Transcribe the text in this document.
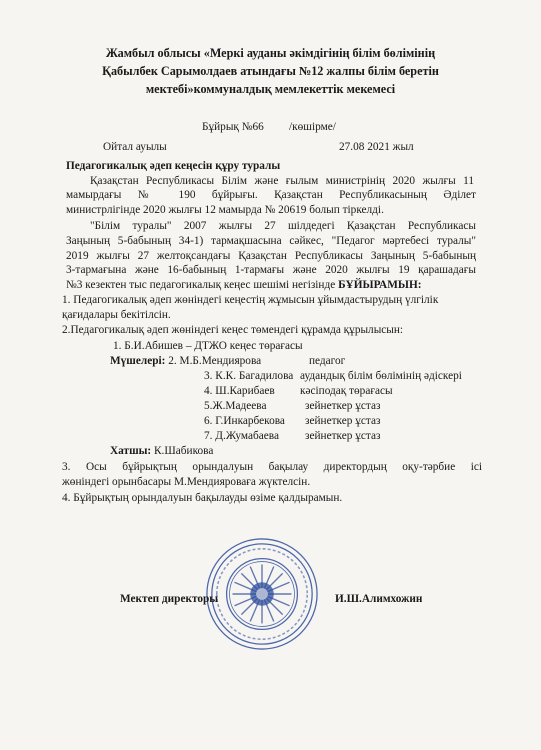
Жамбыл облысы «Меркі ауданы әкімдігінің білім бөлімінің
Қабылбек Сарымолдаев атындағы №12 жалпы білім беретін
мектебі»коммуналдық мемлекеттік мекемесі
Бұйрық №66 /көшірме/
Ойтал ауылы	27.08 2021 жыл
Педагогикалық әдеп кеңесін құру туралы
Қазақстан Республикасы Білім және ғылым министрінің 2020 жылғы 11
мамырдағы № 190 бұйрығы. Қазақстан Республикасының Әділет
министрлігінде 2020 жылғы 12 мамырда № 20619 болып тіркелді.
"Білім туралы" 2007 жылғы 27 шілдедегі Қазақстан Республикасы
Заңының 5-бабының 34-1) тармақшасына сәйкес, "Педагог мәртебесі туралы"
2019 жылғы 27 желтоқсандағы Қазақстан Республикасы Заңының 5-бабының
3-тармағына және 16-бабының 1-тармағы және 2020 жылғы 19 қарашадағы
№3 кезектен тыс педагогикалық кеңес шешімі негізінде БҰЙЫРАМЫН:
1. Педагогикалық әдеп жөніндегі кеңестің жұмысын ұйымдастырудың үлгілік
қағидалары бекітілсін.
2.Педагогикалық әдеп жөніндегі кеңес төмендегі құрамда құрылысын:
1. Б.И.Абишев – ДТЖО кеңес төрағасы
Мүшелері: 2. М.Б.Мендиярова	педагог
3. К.К. Багадилова аудандық білім бөлімінің әдіскері
4. Ш.Карибаев кәсіподақ төрағасы
5.Ж.Мадеева	зейнеткер ұстаз
6. Г.Инкарбекова зейнеткер ұстаз
7. Д.Жумабаева зейнеткер ұстаз
Хатшы: К.Шабикова
3. Осы бұйрықтың орындалуын бақылау директордың оқу-тәрбие ісі
жөніндегі орынбасары М.Мендияроваға жүктелсін.
4. Бұйрықтың орындалуын бақылауды өзіме қалдырамын.
Мектеп директоры	И.Ш.Алимхожин
